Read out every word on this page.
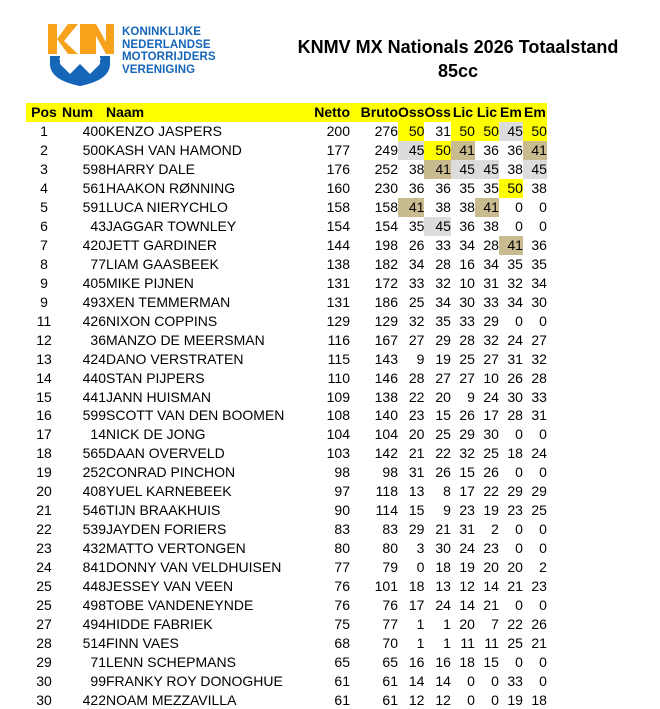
KONINKLIJKE
NEDERLANDSE
MOTORRIJDERS
VERENIGING
KNMV MX Nationals 2026 Totaalstand
85cc
Pos	Num	Naam	Netto	Bruto	Oss	Oss	Lic	Lic	Em	Em
1	400	KENZO JASPERS	200	276	50	31	50	50	45	50
2	500	KASH VAN HAMOND	177	249	45	50	41	36	36	41
3	598	HARRY DALE	176	252	38	41	45	45	38	45
4	561	HAAKON RØNNING	160	230	36	36	35	35	50	38
5	591	LUCA NIERYCHLO	158	158	41	38	38	41	0	0
6	43	JAGGAR TOWNLEY	154	154	35	45	36	38	0	0
7	420	JETT GARDINER	144	198	26	33	34	28	41	36
8	77	LIAM GAASBEEK	138	182	34	28	16	34	35	35
9	405	MIKE PIJNEN	131	172	33	32	10	31	32	34
9	493	XEN TEMMERMAN	131	186	25	34	30	33	34	30
11	426	NIXON COPPINS	129	129	32	35	33	29	0	0
12	36	MANZO DE MEERSMAN	116	167	27	29	28	32	24	27
13	424	DANO VERSTRATEN	115	143	9	19	25	27	31	32
14	440	STAN PIJPERS	110	146	28	27	27	10	26	28
15	441	JANN HUISMAN	109	138	22	20	9	24	30	33
16	599	SCOTT VAN DEN BOOMEN	108	140	23	15	26	17	28	31
17	14	NICK DE JONG	104	104	20	25	29	30	0	0
18	565	DAAN OVERVELD	103	142	21	22	32	25	18	24
19	252	CONRAD PINCHON	98	98	31	26	15	26	0	0
20	408	YUEL KARNEBEEK	97	118	13	8	17	22	29	29
21	546	TIJN BRAAKHUIS	90	114	15	9	23	19	23	25
22	539	JAYDEN FORIERS	83	83	29	21	31	2	0	0
23	432	MATTO VERTONGEN	80	80	3	30	24	23	0	0
24	841	DONNY VAN VELDHUISEN	77	79	0	18	19	20	20	2
25	448	JESSEY VAN VEEN	76	101	18	13	12	14	21	23
25	498	TOBE VANDENEYNDE	76	76	17	24	14	21	0	0
27	494	HIDDE FABRIEK	75	77	1	1	20	7	22	26
28	514	FINN VAES	68	70	1	1	11	11	25	21
29	71	LENN SCHEPMANS	65	65	16	16	18	15	0	0
30	99	FRANKY ROY DONOGHUE	61	61	14	14	0	0	33	0
30	422	NOAM MEZZAVILLA	61	61	12	12	0	0	19	18
